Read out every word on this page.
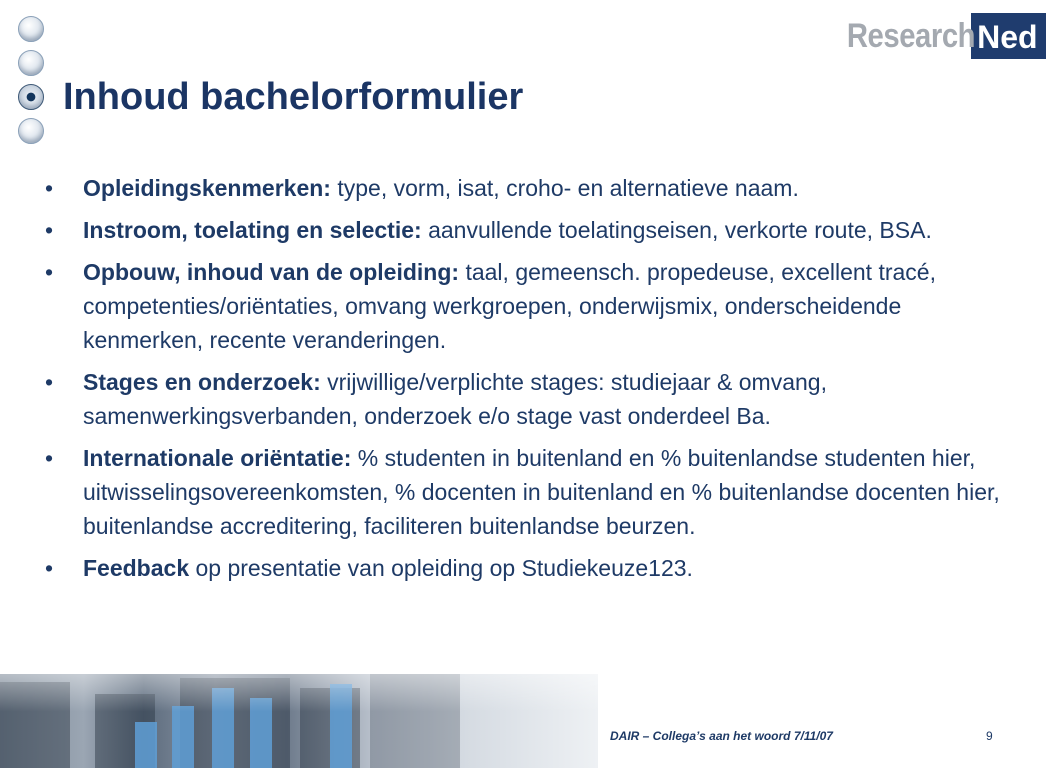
Research Ned
Inhoud bachelorformulier
• Opleidingskenmerken: type, vorm, isat, croho- en alternatieve naam.
• Instroom, toelating en selectie: aanvullende toelatingseisen, verkorte route, BSA.
• Opbouw, inhoud van de opleiding: taal, gemeensch. propedeuse, excellent tracé, competenties/oriëntaties, omvang werkgroepen, onderwijsmix, onderscheidende kenmerken, recente veranderingen.
• Stages en onderzoek: vrijwillige/verplichte stages: studiejaar & omvang, samenwerkingsverbanden, onderzoek e/o stage vast onderdeel Ba.
• Internationale oriëntatie: % studenten in buitenland en % buitenlandse studenten hier, uitwisselingsovereenkomsten, % docenten in buitenland en % buitenlandse docenten hier, buitenlandse accreditering, faciliteren buitenlandse beurzen.
• Feedback op presentatie van opleiding op Studiekeuze123.
DAIR – Collega’s aan het woord 7/11/07	9
